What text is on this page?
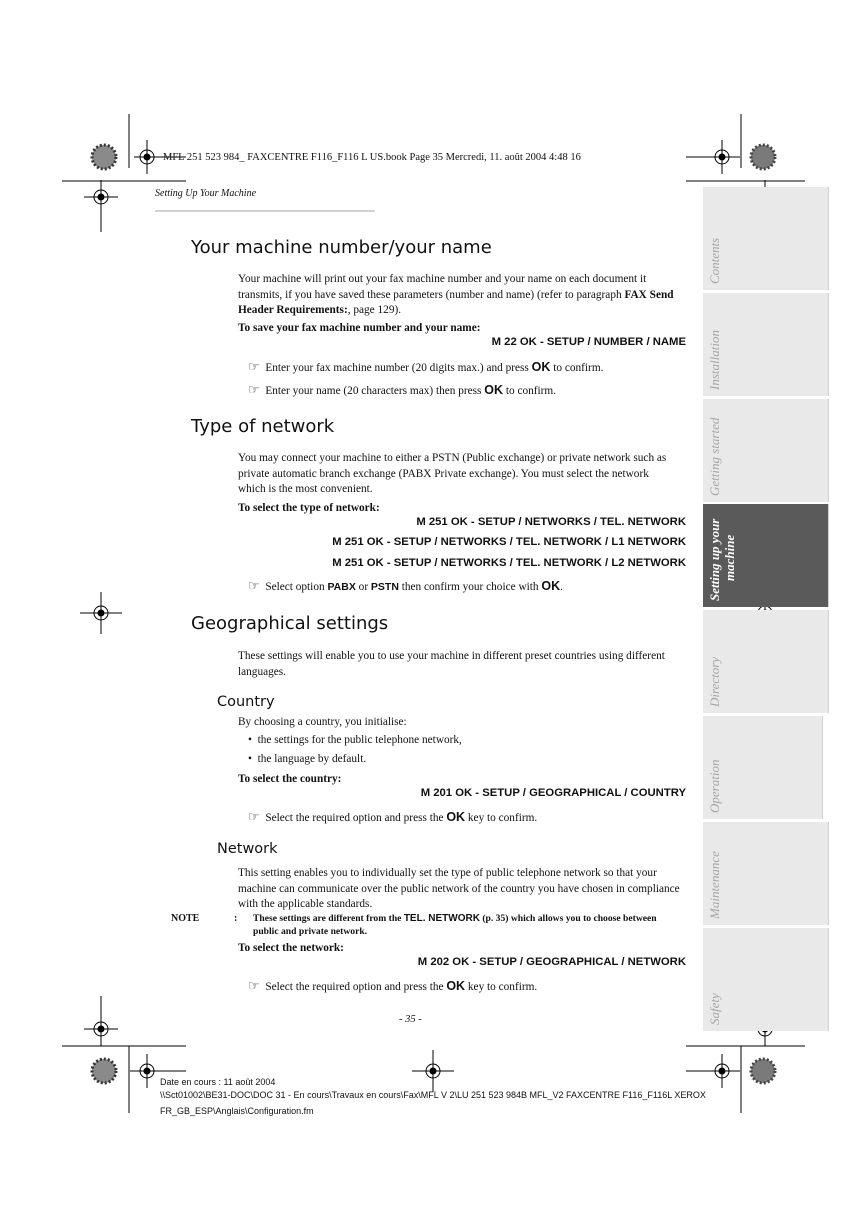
MFL 251 523 984_ FAXCENTRE F116_F116 L US.book Page 35 Mercredi, 11. août 2004 4:48 16
Setting Up Your Machine
Contents
Installation
Getting started
Setting up your machine
Directory
Operation
Maintenance
Safety
Your machine number/your name
Your machine will print out your fax machine number and your name on each document it
transmits, if you have saved these parameters (number and name) (refer to paragraph FAX Send
Header Requirements:, page 129).
To save your fax machine number and your name:
M 22 OK - SETUP / NUMBER / NAME
☞ Enter your fax machine number (20 digits max.) and press OK to confirm.
☞ Enter your name (20 characters max) then press OK to confirm.
Type of network
You may connect your machine to either a PSTN (Public exchange) or private network such as
private automatic branch exchange (PABX Private exchange). You must select the network
which is the most convenient.
To select the type of network:
M 251 OK - SETUP / NETWORKS / TEL. NETWORK
M 251 OK - SETUP / NETWORKS / TEL. NETWORK / L1 NETWORK
M 251 OK - SETUP / NETWORKS / TEL. NETWORK / L2 NETWORK
☞ Select option PABX or PSTN then confirm your choice with OK.
Geographical settings
These settings will enable you to use your machine in different preset countries using different
languages.
Country
By choosing a country, you initialise:
• the settings for the public telephone network,
• the language by default.
To select the country:
M 201 OK - SETUP / GEOGRAPHICAL / COUNTRY
☞ Select the required option and press the OK key to confirm.
Network
This setting enables you to individually set the type of public telephone network so that your
machine can communicate over the public network of the country you have chosen in compliance
with the applicable standards.
NOTE	: These settings are different from the TEL. NETWORK (p. 35) which allows you to choose between
public and private network.
To select the network:
M 202 OK - SETUP / GEOGRAPHICAL / NETWORK
☞ Select the required option and press the OK key to confirm.
- 35 -
Date en cours : 11 août 2004
\\Sct01002\BE31-DOC\DOC 31 - En cours\Travaux en cours\Fax\MFL V 2\LU 251 523 984B MFL_V2 FAXCENTRE F116_F116L XEROX
FR_GB_ESP\Anglais\Configuration.fm
